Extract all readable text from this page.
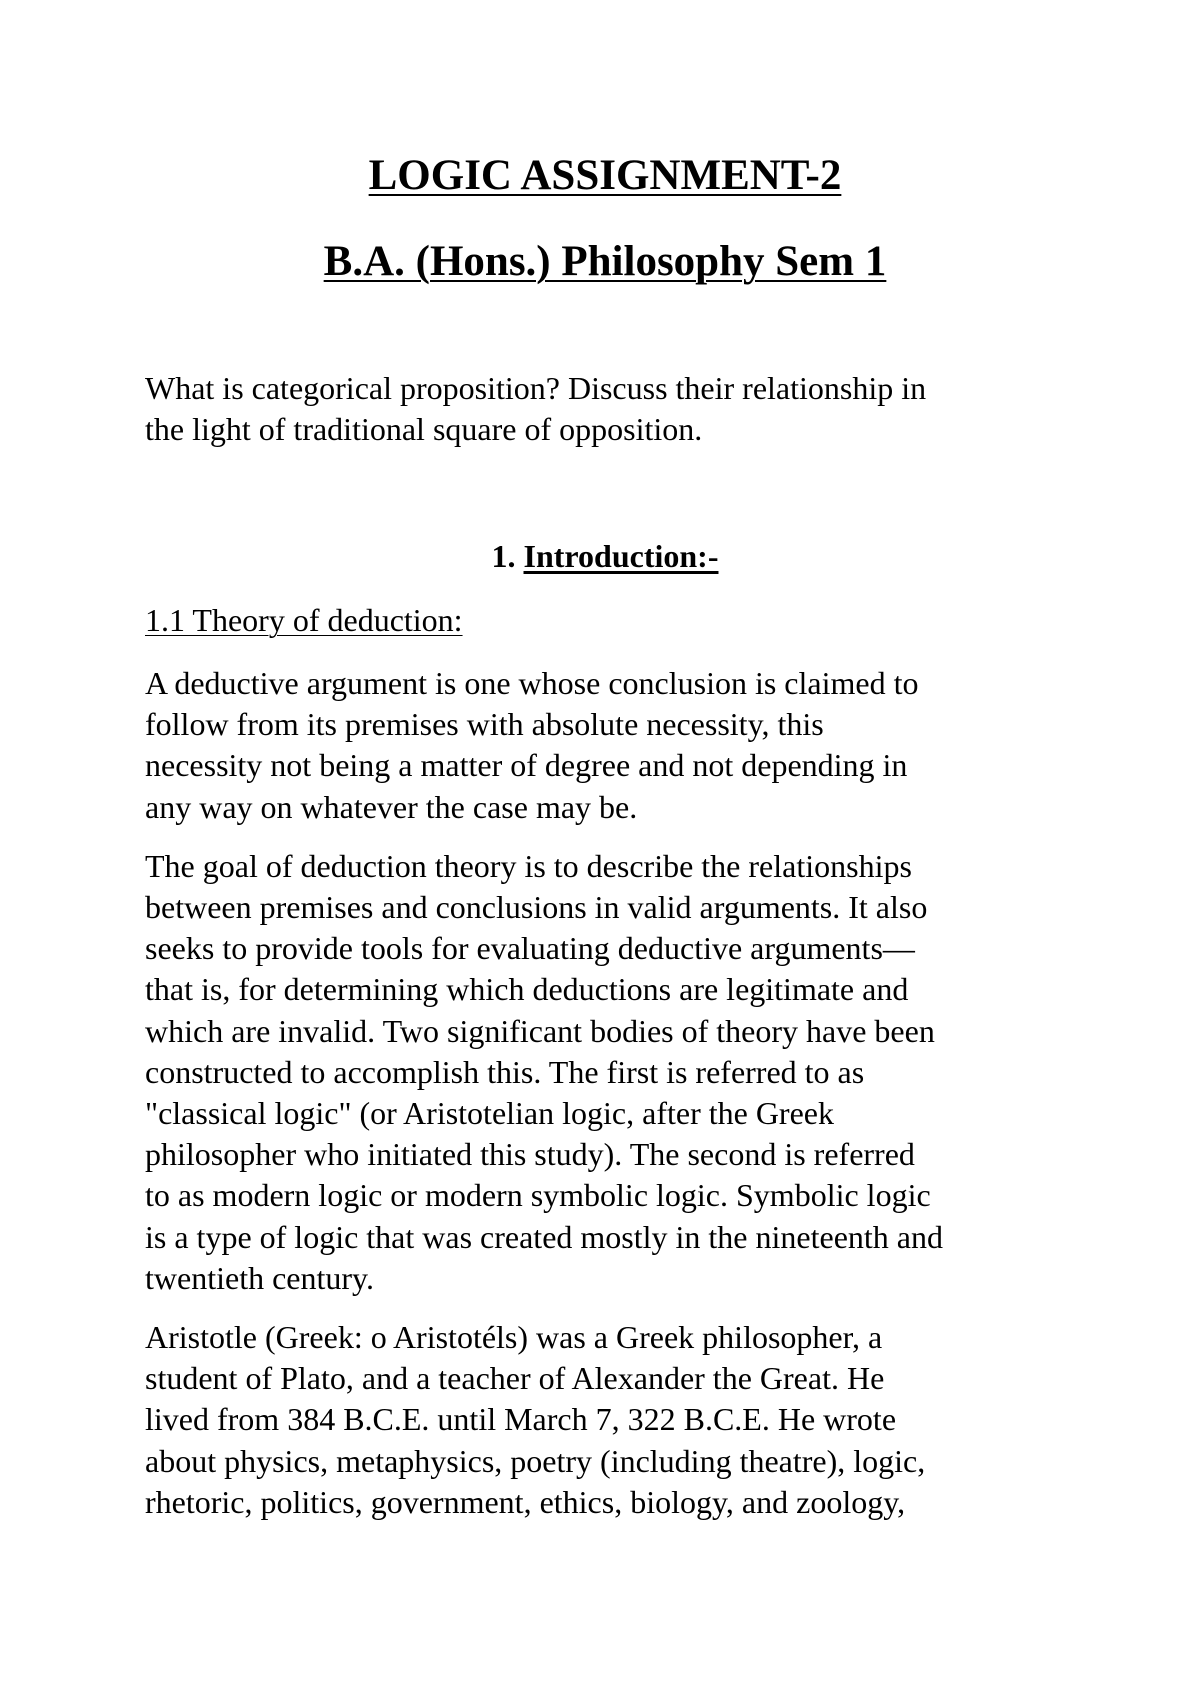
LOGIC ASSIGNMENT-2
B.A. (Hons.) Philosophy Sem 1

What is categorical proposition? Discuss their relationship in
the light of traditional square of opposition.

1. Introduction:-

1.1 Theory of deduction:

A deductive argument is one whose conclusion is claimed to
follow from its premises with absolute necessity, this
necessity not being a matter of degree and not depending in
any way on whatever the case may be.

The goal of deduction theory is to describe the relationships
between premises and conclusions in valid arguments. It also
seeks to provide tools for evaluating deductive arguments—
that is, for determining which deductions are legitimate and
which are invalid. Two significant bodies of theory have been
constructed to accomplish this. The first is referred to as
"classical logic" (or Aristotelian logic, after the Greek
philosopher who initiated this study). The second is referred
to as modern logic or modern symbolic logic. Symbolic logic
is a type of logic that was created mostly in the nineteenth and
twentieth century.

Aristotle (Greek: o Aristotéls) was a Greek philosopher, a
student of Plato, and a teacher of Alexander the Great. He
lived from 384 B.C.E. until March 7, 322 B.C.E. He wrote
about physics, metaphysics, poetry (including theatre), logic,
rhetoric, politics, government, ethics, biology, and zoology,
